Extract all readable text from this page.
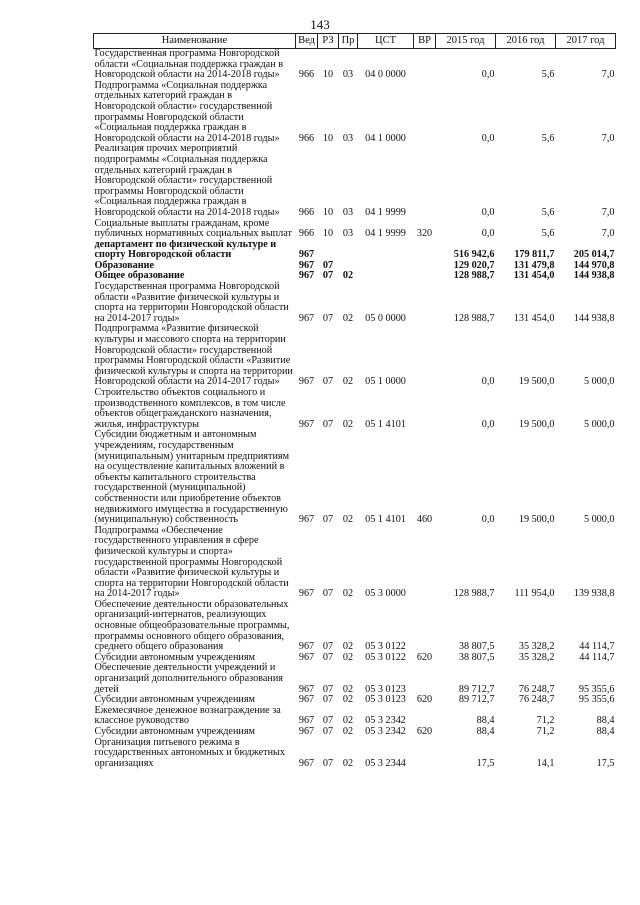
143
Наименование	Вед	РЗ	Пр	ЦСТ	ВР	2015 год	2016 год	2017 год
Государственная программа Новгородской области «Социальная поддержка граждан в Новгородской области на 2014-2018 годы»	966	10	03	04 0 0000		0,0	5,6	7,0
Подпрограмма «Социальная поддержка отдельных категорий граждан в Новгородской области» государственной программы Новгородской области «Социальная поддержка граждан в Новгородской области на 2014-2018 годы»	966	10	03	04 1 0000		0,0	5,6	7,0
Реализация прочих мероприятий подпрограммы «Социальная поддержка отдельных категорий граждан в Новгородской области» государственной программы Новгородской области «Социальная поддержка граждан в Новгородской области на 2014-2018 годы»	966	10	03	04 1 9999		0,0	5,6	7,0
Социальные выплаты гражданам, кроме публичных нормативных социальных выплат	966	10	03	04 1 9999	320	0,0	5,6	7,0
департамент по физической культуре и спорту Новгородской области	967					516 942,6	179 811,7	205 014,7
Образование	967	07				129 020,7	131 479,8	144 970,8
Общее образование	967	07	02			128 988,7	131 454,0	144 938,8
Государственная программа Новгородской области «Развитие физической культуры и спорта на территории Новгородской области на 2014-2017 годы»	967	07	02	05 0 0000		128 988,7	131 454,0	144 938,8
Подпрограмма «Развитие физической культуры и массового спорта на территории Новгородской области» государственной программы Новгородской области «Развитие физической культуры и спорта на территории Новгородской области на 2014-2017 годы»	967	07	02	05 1 0000		0,0	19 500,0	5 000,0
Строительство объектов социального и производственного комплексов, в том числе объектов общегражданского назначения, жилья, инфраструктуры	967	07	02	05 1 4101		0,0	19 500,0	5 000,0
Субсидии бюджетным и автономным учреждениям, государственным (муниципальным) унитарным предприятиям на осуществление капитальных вложений в объекты капитального строительства государственной (муниципальной) собственности или приобретение объектов недвижимого имущества в государственную (муниципальную) собственность	967	07	02	05 1 4101	460	0,0	19 500,0	5 000,0
Подпрограмма «Обеспечение государственного управления в сфере физической культуры и спорта» государственной программы Новгородской области «Развитие физической культуры и спорта на территории Новгородской области на 2014-2017 годы»	967	07	02	05 3 0000		128 988,7	111 954,0	139 938,8
Обеспечение деятельности образовательных организаций-интернатов, реализующих основные общеобразовательные программы, программы основного общего образования, среднего общего образования	967	07	02	05 3 0122		38 807,5	35 328,2	44 114,7
Субсидии автономным учреждениям	967	07	02	05 3 0122	620	38 807,5	35 328,2	44 114,7
Обеспечение деятельности учреждений и организаций дополнительного образования детей	967	07	02	05 3 0123		89 712,7	76 248,7	95 355,6
Субсидии автономным учреждениям	967	07	02	05 3 0123	620	89 712,7	76 248,7	95 355,6
Ежемесячное денежное вознаграждение за классное руководство	967	07	02	05 3 2342		88,4	71,2	88,4
Субсидии автономным учреждениям	967	07	02	05 3 2342	620	88,4	71,2	88,4
Организация питьевого режима в государственных автономных и бюджетных организациях	967	07	02	05 3 2344		17,5	14,1	17,5
